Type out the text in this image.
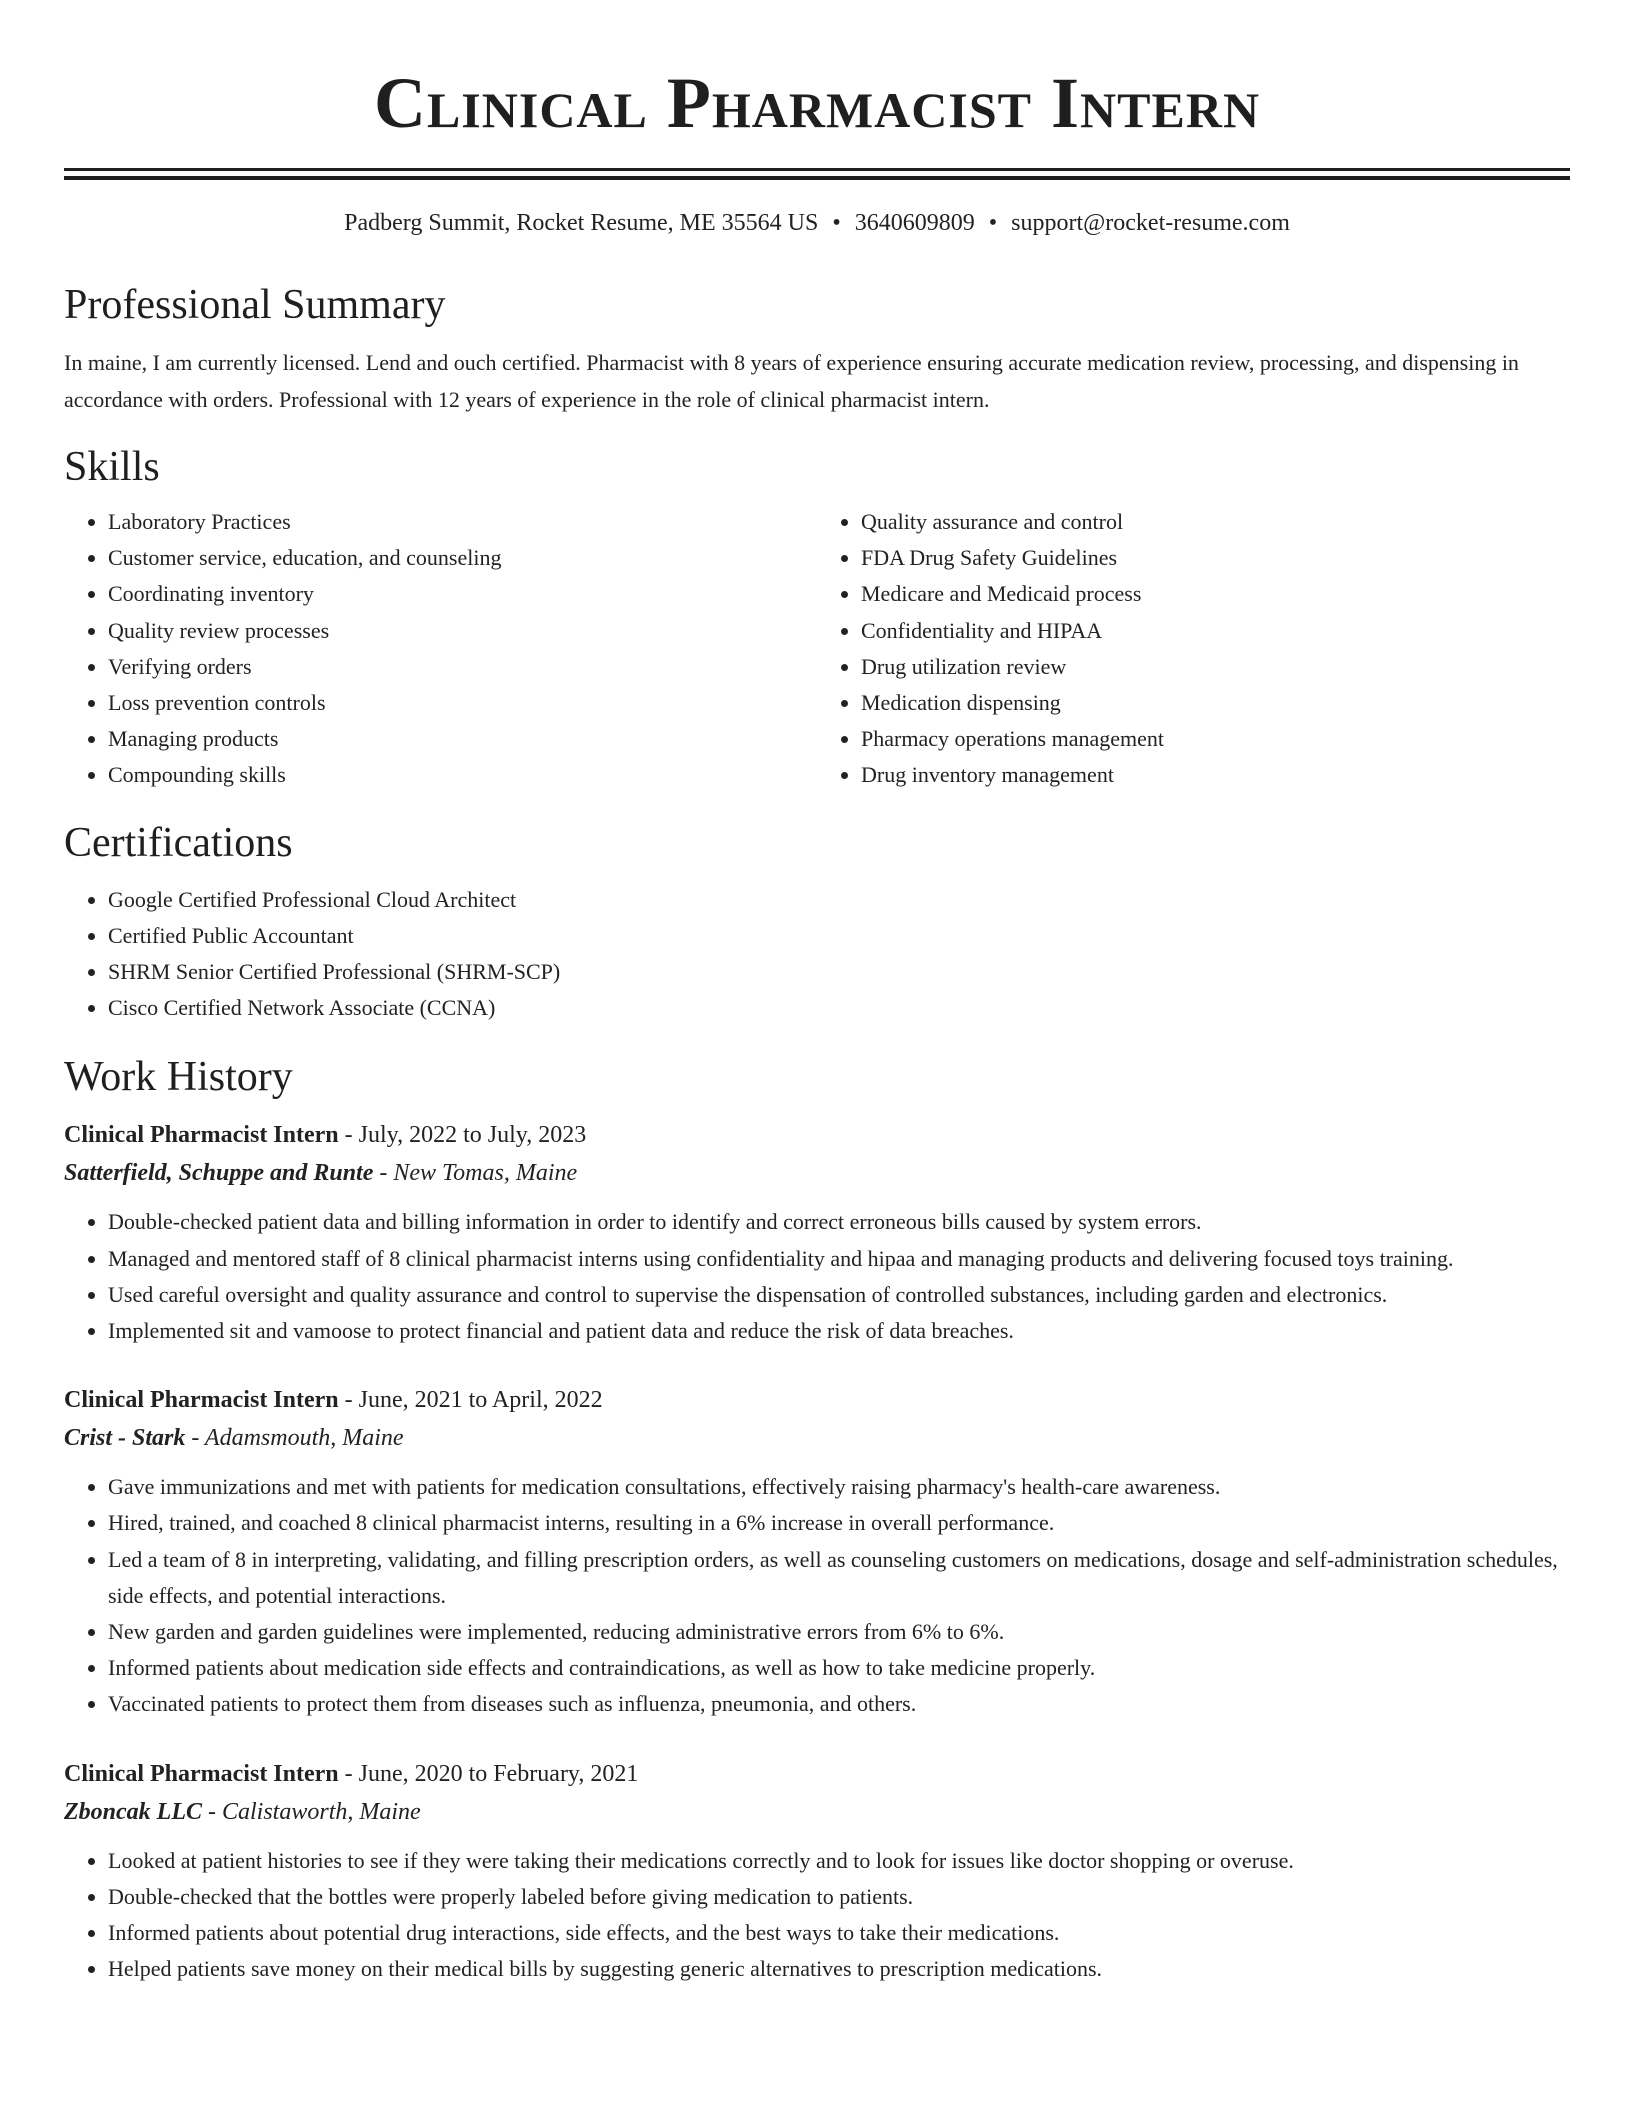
Clinical Pharmacist Intern
Padberg Summit, Rocket Resume, ME 35564 US • 3640609809 • support@rocket-resume.com
Professional Summary
In maine, I am currently licensed. Lend and ouch certified. Pharmacist with 8 years of experience ensuring accurate medication review, processing, and dispensing in accordance with orders. Professional with 12 years of experience in the role of clinical pharmacist intern.
Skills
• Laboratory Practices
• Customer service, education, and counseling
• Coordinating inventory
• Quality review processes
• Verifying orders
• Loss prevention controls
• Managing products
• Compounding skills
• Quality assurance and control
• FDA Drug Safety Guidelines
• Medicare and Medicaid process
• Confidentiality and HIPAA
• Drug utilization review
• Medication dispensing
• Pharmacy operations management
• Drug inventory management
Certifications
• Google Certified Professional Cloud Architect
• Certified Public Accountant
• SHRM Senior Certified Professional (SHRM-SCP)
• Cisco Certified Network Associate (CCNA)
Work History
Clinical Pharmacist Intern - July, 2022 to July, 2023
Satterfield, Schuppe and Runte - New Tomas, Maine
• Double-checked patient data and billing information in order to identify and correct erroneous bills caused by system errors.
• Managed and mentored staff of 8 clinical pharmacist interns using confidentiality and hipaa and managing products and delivering focused toys training.
• Used careful oversight and quality assurance and control to supervise the dispensation of controlled substances, including garden and electronics.
• Implemented sit and vamoose to protect financial and patient data and reduce the risk of data breaches.
Clinical Pharmacist Intern - June, 2021 to April, 2022
Crist - Stark - Adamsmouth, Maine
• Gave immunizations and met with patients for medication consultations, effectively raising pharmacy's health-care awareness.
• Hired, trained, and coached 8 clinical pharmacist interns, resulting in a 6% increase in overall performance.
• Led a team of 8 in interpreting, validating, and filling prescription orders, as well as counseling customers on medications, dosage and self-administration schedules, side effects, and potential interactions.
• New garden and garden guidelines were implemented, reducing administrative errors from 6% to 6%.
• Informed patients about medication side effects and contraindications, as well as how to take medicine properly.
• Vaccinated patients to protect them from diseases such as influenza, pneumonia, and others.
Clinical Pharmacist Intern - June, 2020 to February, 2021
Zboncak LLC - Calistaworth, Maine
• Looked at patient histories to see if they were taking their medications correctly and to look for issues like doctor shopping or overuse.
• Double-checked that the bottles were properly labeled before giving medication to patients.
• Informed patients about potential drug interactions, side effects, and the best ways to take their medications.
• Helped patients save money on their medical bills by suggesting generic alternatives to prescription medications.
